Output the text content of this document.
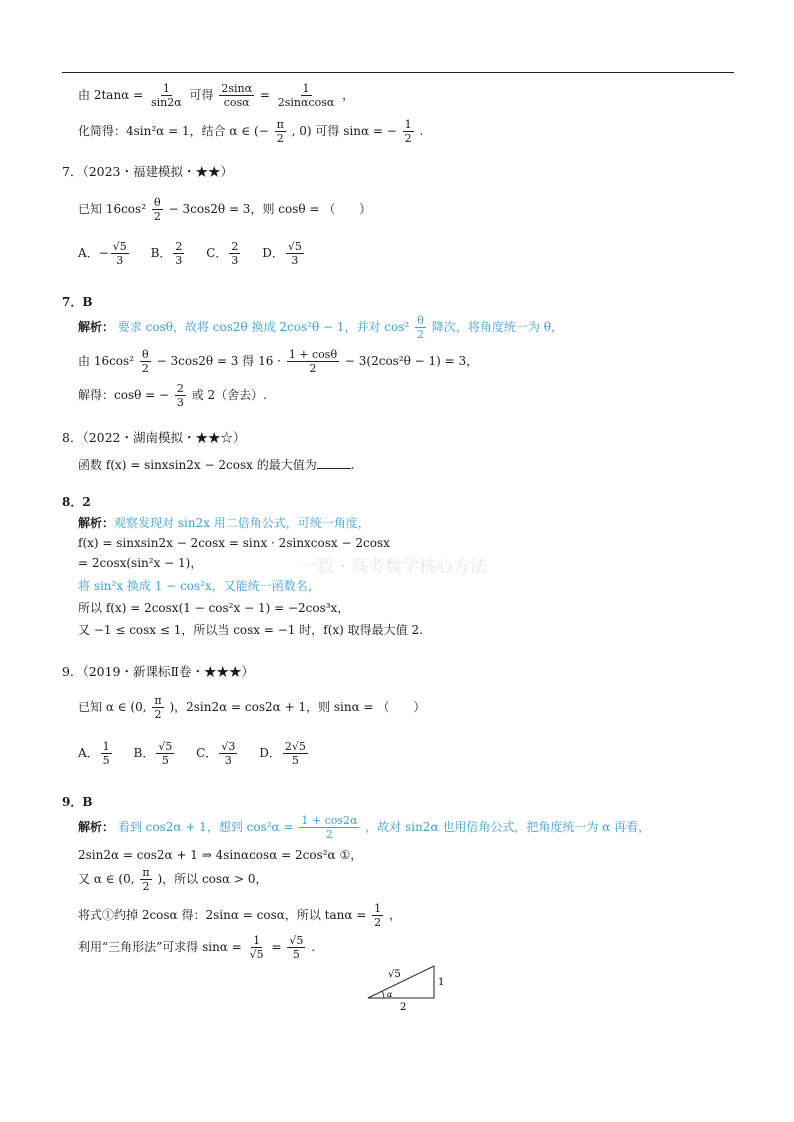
由 $2\tan\alpha = \frac{1}{\sin 2\alpha}$ 可得 $\frac{2\sin\alpha}{\cos\alpha} = \frac{1}{2\sin\alpha\cos\alpha}$ ，
化简得：4sin²α = 1，结合 α ∈ (− $\frac{\pi}{2}$ , 0) 可得 sinα = − $\frac{1}{2}$ .
7．（2023・福建模拟・★★）
已知 $16\cos^2 \frac{\theta}{2} - 3\cos 2\theta = 3$，则 cosθ = （　　）
A．− $\frac{√5}{3}$ B． $\frac{2}{3}$ C． $\frac{2}{3}$ D． $\frac{√5}{3}$
7．B
解析： 要求 cosθ，故将 cos2θ 换成 2cos²θ − 1，并对 $\cos^2 \frac{\theta}{2}$ 降次，将角度统一为 θ，
由 $16\cos^2 \frac{\theta}{2} - 3\cos 2\theta = 3$ 得 $16 \cdot \frac{1 + \cos\theta}{2} - 3(2\cos^2\theta - 1) = 3$，
解得：cosθ = − $\frac{2}{3}$ 或 2（舍去）.
8．（2022・湖南模拟・★★☆）
函数 f(x) = sinxsin2x − 2cosx 的最大值为	.
8．2
解析：观察发现对 sin2x 用二倍角公式，可统一角度，
f(x) = sinxsin2x − 2cosx = sinx · 2sinxcosx − 2cosx
= 2cosx(sin²x − 1)，
将 sin²x 换成 1 − cos²x，又能统一函数名，
所以 f(x) = 2cosx(1 − cos²x − 1) = −2cos³x，
又 −1 ≤ cosx ≤ 1，所以当 cosx = −1 时，f(x) 取得最大值 2.
一数・高考数学核心方法
9．（2019・新课标Ⅱ卷・★★★）
已知 α ∈ (0, $\frac{\pi}{2}$ )，2sin2α = cos2α + 1，则 sinα = （　　）
A． $\frac{1}{5}$ B． $\frac{√5}{5}$ C． $\frac{√3}{3}$ D． $\frac{2√5}{5}$
9．B
解析： 看到 cos2α + 1，想到 $\cos^2\alpha = \frac{1 + \cos 2\alpha}{2}$ ，故对 sin2α 也用倍角公式，把角度统一为 α 再看，
2sin2α = cos2α + 1 ⇒ 4sinαcosα = 2cos²α ①，
又 α ∈ (0, $\frac{\pi}{2}$ )，所以 cosα > 0，
将式①约掉 2cosα 得：2sinα = cosα，所以 $\tan\alpha = \frac{1}{2}$ ，
利用“三角形法”可求得 $\sin\alpha = \frac{1}{√5} = \frac{√5}{5}$ .
α
√5
1
2
